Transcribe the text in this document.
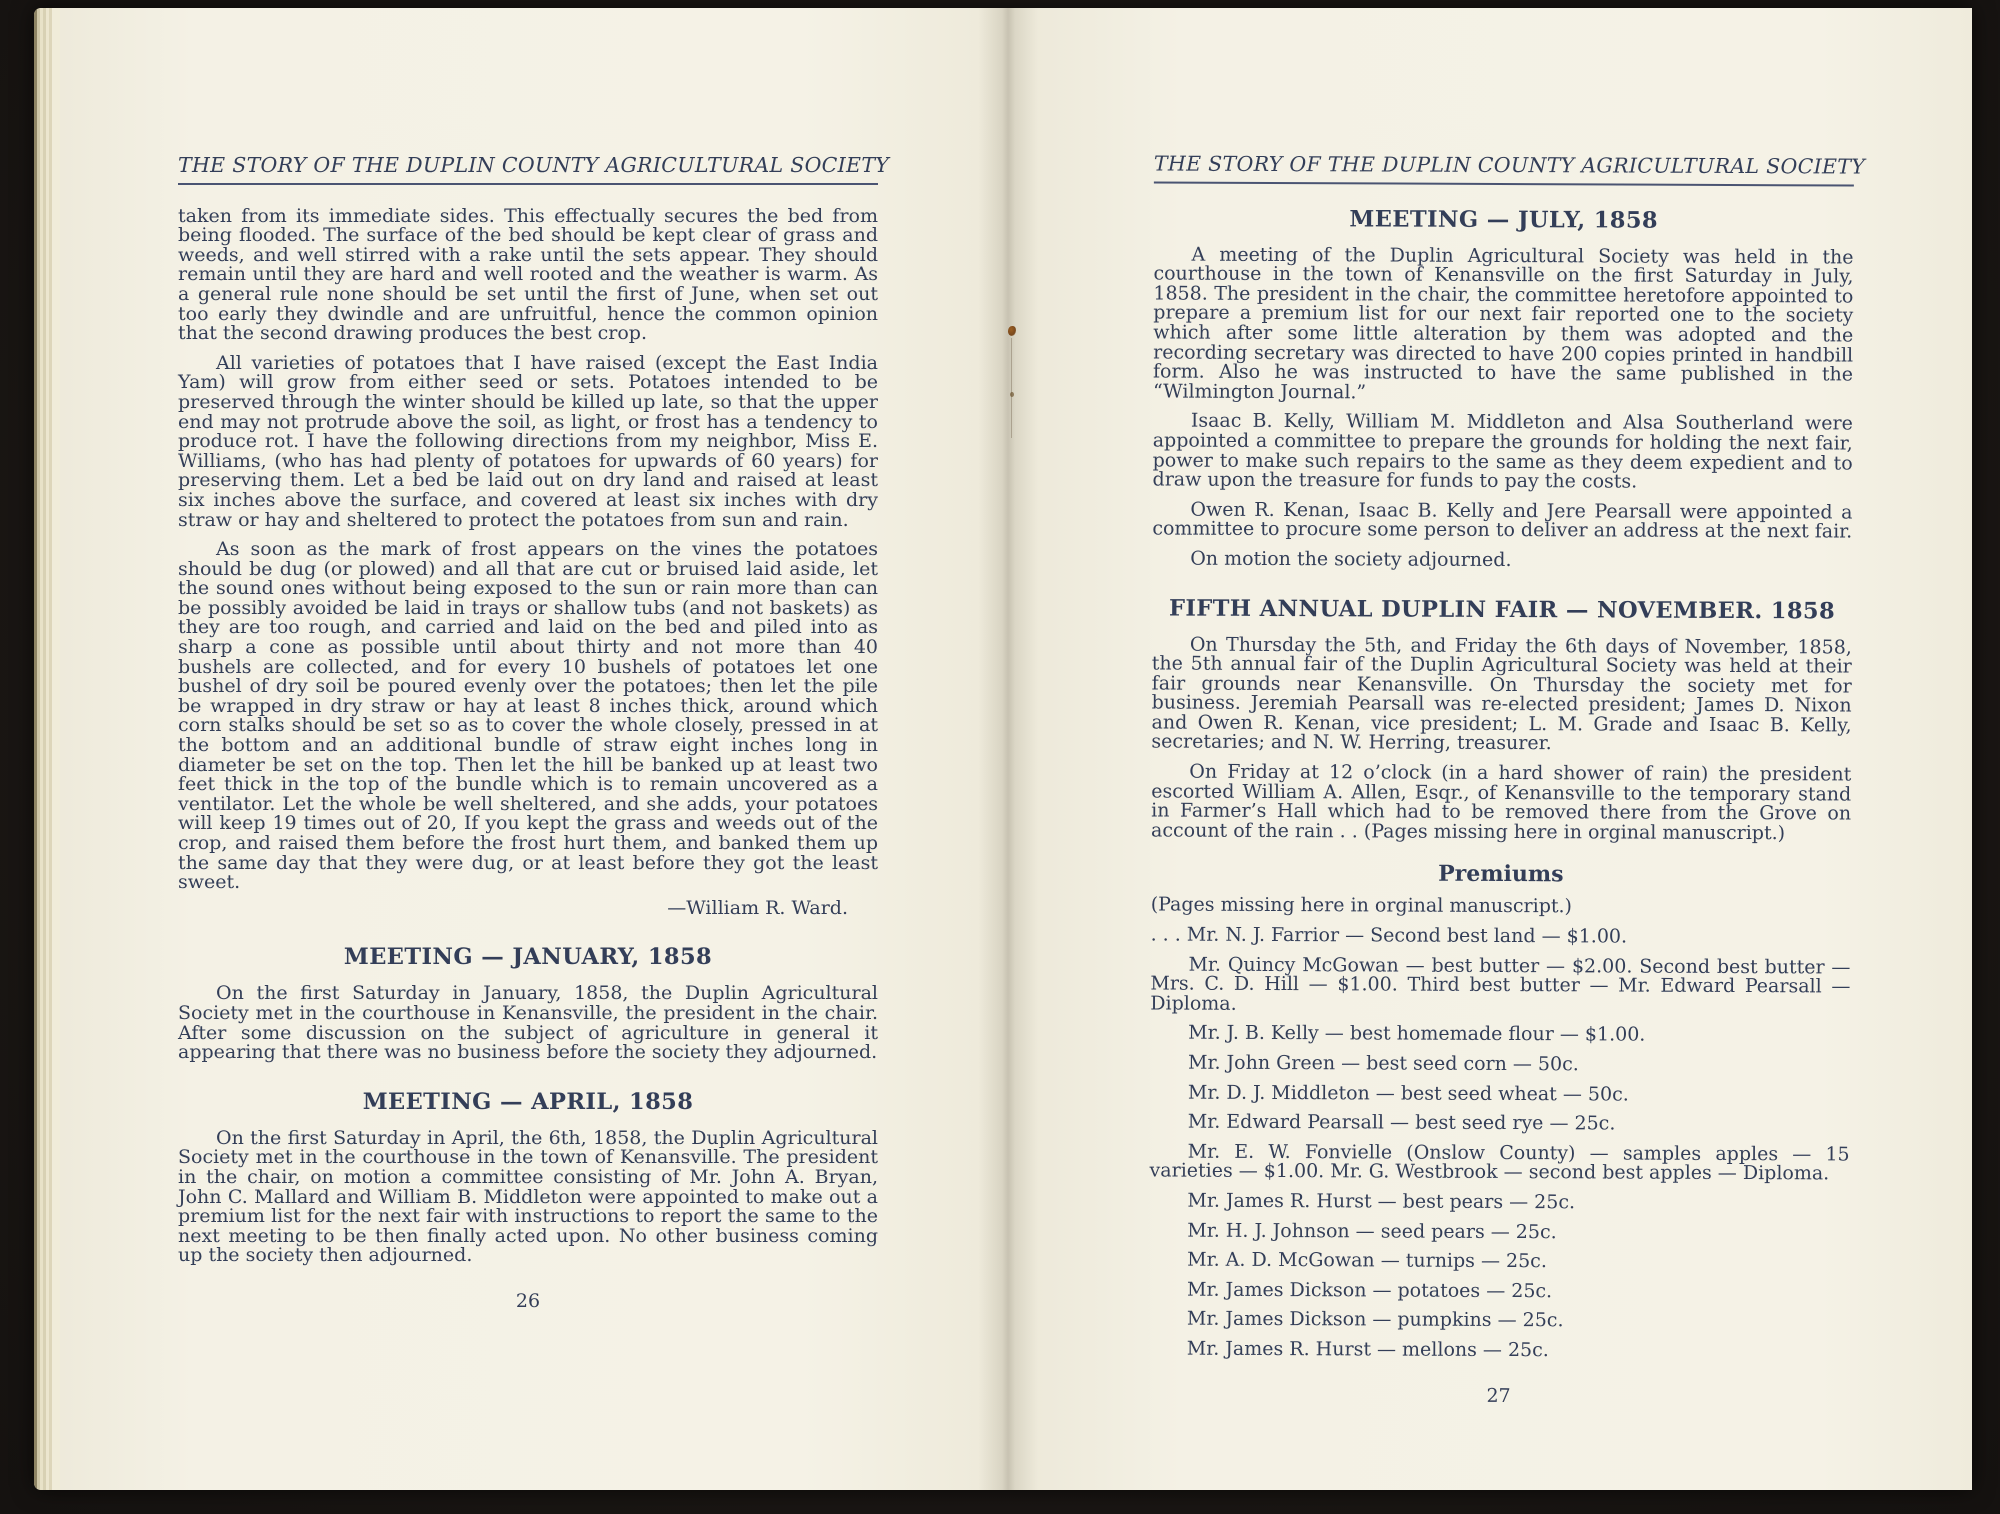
THE STORY OF THE DUPLIN COUNTY AGRICULTURAL SOCIETY

taken from its immediate sides. This effectually secures the bed from being flooded. The surface of the bed should be kept clear of grass and weeds, and well stirred with a rake until the sets appear. They should remain until they are hard and well rooted and the weather is warm. As a general rule none should be set until the first of June, when set out too early they dwindle and are unfruitful, hence the common opinion that the second drawing produces the best crop.

All varieties of potatoes that I have raised (except the East India Yam) will grow from either seed or sets. Potatoes intended to be preserved through the winter should be killed up late, so that the upper end may not protrude above the soil, as light, or frost has a tendency to produce rot. I have the following directions from my neighbor, Miss E. Williams, (who has had plenty of potatoes for upwards of 60 years) for preserving them. Let a bed be laid out on dry land and raised at least six inches above the surface, and covered at least six inches with dry straw or hay and sheltered to protect the potatoes from sun and rain.

As soon as the mark of frost appears on the vines the potatoes should be dug (or plowed) and all that are cut or bruised laid aside, let the sound ones without being exposed to the sun or rain more than can be possibly avoided be laid in trays or shallow tubs (and not baskets) as they are too rough, and carried and laid on the bed and piled into as sharp a cone as possible until about thirty and not more than 40 bushels are collected, and for every 10 bushels of potatoes let one bushel of dry soil be poured evenly over the potatoes; then let the pile be wrapped in dry straw or hay at least 8 inches thick, around which corn stalks should be set so as to cover the whole closely, pressed in at the bottom and an additional bundle of straw eight inches long in diameter be set on the top. Then let the hill be banked up at least two feet thick in the top of the bundle which is to remain uncovered as a ventilator. Let the whole be well sheltered, and she adds, your potatoes will keep 19 times out of 20, If you kept the grass and weeds out of the crop, and raised them before the frost hurt them, and banked them up the same day that they were dug, or at least before they got the least sweet.

—William R. Ward.

MEETING — JANUARY, 1858

On the first Saturday in January, 1858, the Duplin Agricultural Society met in the courthouse in Kenansville, the president in the chair. After some discussion on the subject of agriculture in general it appearing that there was no business before the society they adjourned.

MEETING — APRIL, 1858

On the first Saturday in April, the 6th, 1858, the Duplin Agricultural Society met in the courthouse in the town of Kenansville. The president in the chair, on motion a committee consisting of Mr. John A. Bryan, John C. Mallard and William B. Middleton were appointed to make out a premium list for the next fair with instructions to report the same to the next meeting to be then finally acted upon. No other business coming up the society then adjourned.

26
THE STORY OF THE DUPLIN COUNTY AGRICULTURAL SOCIETY

MEETING — JULY, 1858

A meeting of the Duplin Agricultural Society was held in the courthouse in the town of Kenansville on the first Saturday in July, 1858. The president in the chair, the committee heretofore appointed to prepare a premium list for our next fair reported one to the society which after some little alteration by them was adopted and the recording secretary was directed to have 200 copies printed in handbill form. Also he was instructed to have the same published in the “Wilmington Journal.”

Isaac B. Kelly, William M. Middleton and Alsa Southerland were appointed a committee to prepare the grounds for holding the next fair, power to make such repairs to the same as they deem expedient and to draw upon the treasure for funds to pay the costs.

Owen R. Kenan, Isaac B. Kelly and Jere Pearsall were appointed a committee to procure some person to deliver an address at the next fair.

On motion the society adjourned.

FIFTH ANNUAL DUPLIN FAIR — NOVEMBER. 1858

On Thursday the 5th, and Friday the 6th days of November, 1858, the 5th annual fair of the Duplin Agricultural Society was held at their fair grounds near Kenansville. On Thursday the society met for business. Jeremiah Pearsall was re-elected president; James D. Nixon and Owen R. Kenan, vice president; L. M. Grade and Isaac B. Kelly, secretaries; and N. W. Herring, treasurer.

On Friday at 12 o’clock (in a hard shower of rain) the president escorted William A. Allen, Esqr., of Kenansville to the temporary stand in Farmer’s Hall which had to be removed there from the Grove on account of the rain . . (Pages missing here in orginal manuscript.)

Premiums

(Pages missing here in orginal manuscript.)

. . . Mr. N. J. Farrior — Second best land — $1.00.

Mr. Quincy McGowan — best butter — $2.00. Second best butter — Mrs. C. D. Hill — $1.00. Third best butter — Mr. Edward Pearsall — Diploma.

Mr. J. B. Kelly — best homemade flour — $1.00.

Mr. John Green — best seed corn — 50c.

Mr. D. J. Middleton — best seed wheat — 50c.

Mr. Edward Pearsall — best seed rye — 25c.

Mr. E. W. Fonvielle (Onslow County) — samples apples — 15 varieties — $1.00. Mr. G. Westbrook — second best apples — Diploma.

Mr. James R. Hurst — best pears — 25c.

Mr. H. J. Johnson — seed pears — 25c.

Mr. A. D. McGowan — turnips — 25c.

Mr. James Dickson — potatoes — 25c.

Mr. James Dickson — pumpkins — 25c.

Mr. James R. Hurst — mellons — 25c.

27
